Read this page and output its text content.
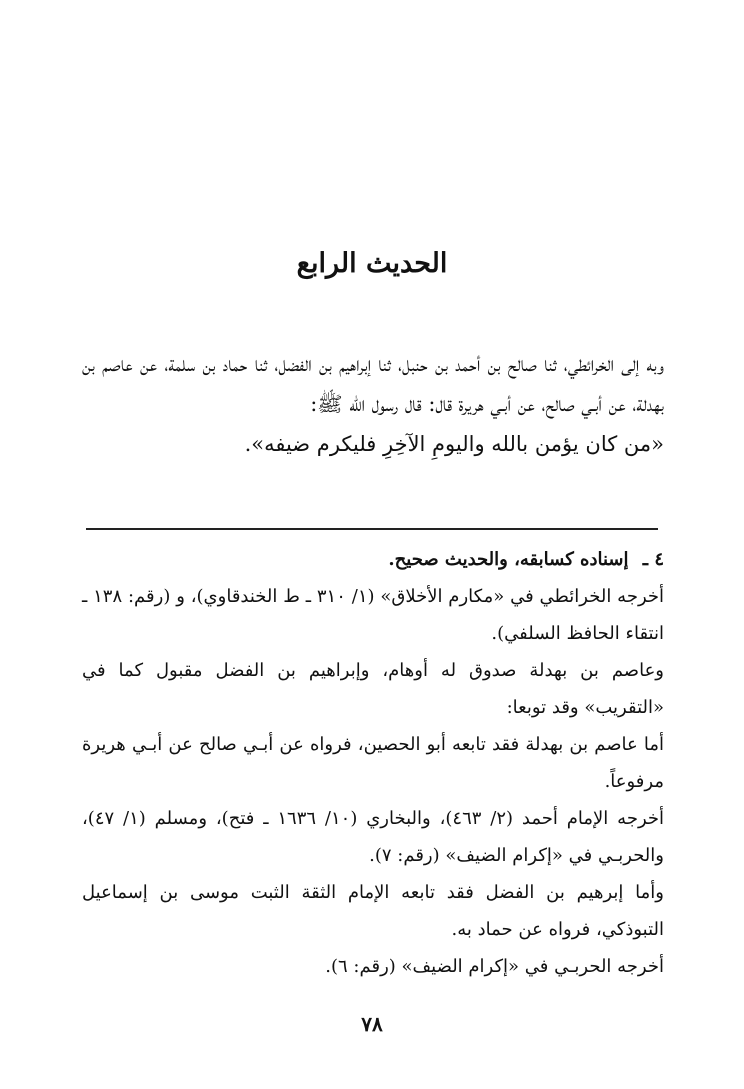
الحديث الرابع

وبه إلى الخرائطي، ثنا صالح بن أحمد بن حنبل، ثنا إبراهيم بن الفضل، ثنا حماد بن سلمة، عن عاصم بن بهدلة، عن أبـي صالح، عن أبـي هريرة قال: قال رسول الله ﷺ:

«من كان يؤمن بالله واليومِ الآخِرِ فليكرم ضيفه».

٤ ـ إسناده كسابقه، والحديث صحيح.

أخرجه الخرائطي في «مكارم الأخلاق» (١/ ٣١٠ ـ ط الخندقاوي)، و (رقم: ١٣٨ ـ انتقاء الحافظ السلفي).

وعاصم بن بهدلة صدوق له أوهام، وإبراهيم بن الفضل مقبول كما في «التقريب» وقد توبعا:

أما عاصم بن بهدلة فقد تابعه أبو الحصين، فرواه عن أبـي صالح عن أبـي هريرة مرفوعاً.

أخرجه الإمام أحمد (٢/ ٤٦٣)، والبخاري (١٠/ ١٦٣٦ ـ فتح)، ومسلم (١/ ٤٧)، والحربـي في «إكرام الضيف» (رقم: ٧).

وأما إبرهيم بن الفضل فقد تابعه الإمام الثقة الثبت موسى بن إسماعيل التبوذكي، فرواه عن حماد به.

أخرجه الحربـي في «إكرام الضيف» (رقم: ٦).

٧٨
